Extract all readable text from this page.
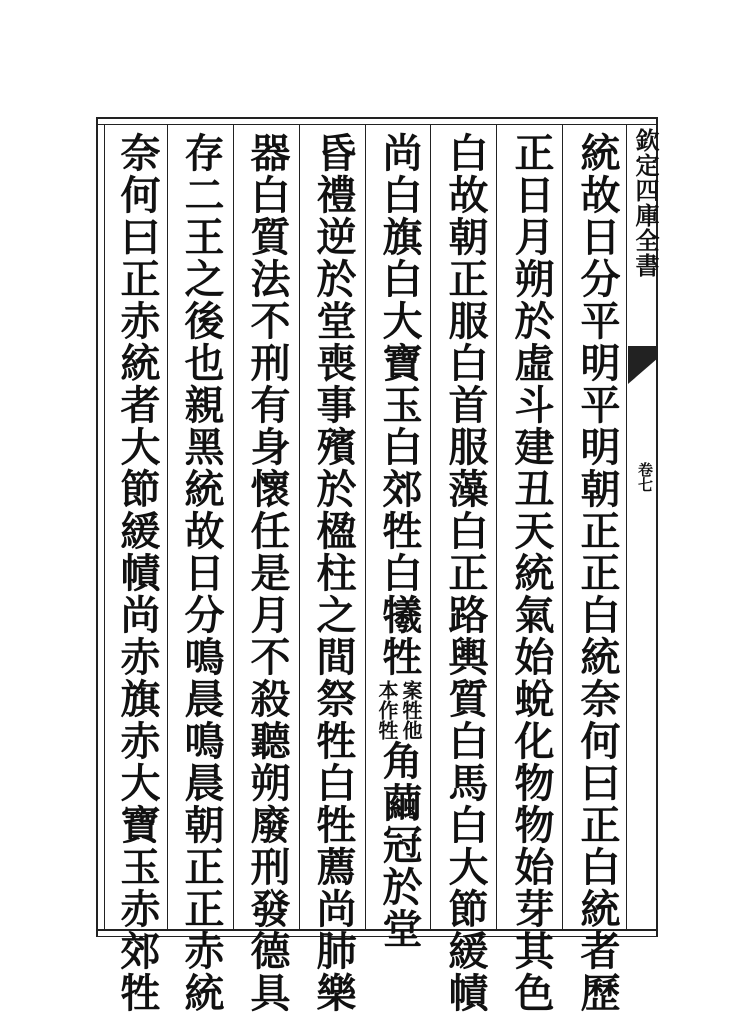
欽定四庫全書
卷七
統故日分平明平明朝正正白統奈何曰正白統者歷
正日月朔於虛斗建丑天統氣始蛻化物物始芽其色
白故朝正服白首服藻白正路輿質白馬白大節緩幘
尚白旗白大寶玉白郊牲白犧牲
案牲他
本作牲
角繭冠於堂
昏禮逆於堂喪事殯於楹柱之間祭牲白牲薦尚肺樂
器白質法不刑有身懷任是月不殺聽朔廢刑發德具
存二王之後也親黑統故日分鳴晨鳴晨朝正正赤統
奈何曰正赤統者大節緩幘尚赤旗赤大寶玉赤郊牲
